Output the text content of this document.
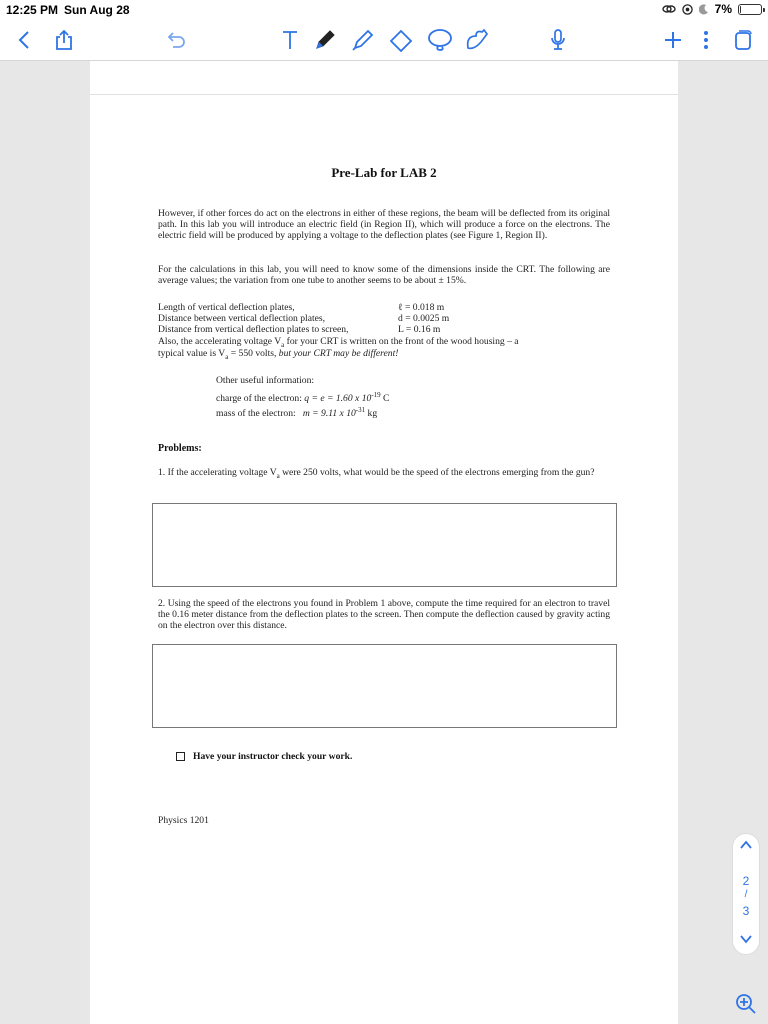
12:25 PM Sun Aug 28	7%
Pre-Lab for LAB 2
However, if other forces do act on the electrons in either of these regions, the beam will be deflected from its original path. In this lab you will introduce an electric field (in Region II), which will produce a force on the electrons. The electric field will be produced by applying a voltage to the deflection plates (see Figure 1, Region II).
For the calculations in this lab, you will need to know some of the dimensions inside the CRT. The following are average values; the variation from one tube to another seems to be about ± 15%.
Length of vertical deflection plates,	ℓ = 0.018 m
Distance between vertical deflection plates,	d = 0.0025 m
Distance from vertical deflection plates to screen,	L = 0.16 m
Also, the accelerating voltage $V_a$ for your CRT is written on the front of the wood housing – a
typical value is $V_a = 550$ volts, but your CRT may be different!
Other useful information:
charge of the electron: q = e = 1.60 x $10^{-19}$ C
mass of the electron: m = 9.11 x $10^{-31}$ kg
Problems:
1. If the accelerating voltage $V_a$ were 250 volts, what would be the speed of the electrons emerging from the gun?
2. Using the speed of the electrons you found in Problem 1 above, compute the time required for an electron to travel the 0.16 meter distance from the deflection plates to the screen. Then compute the deflection caused by gravity acting on the electron over this distance.
Have your instructor check your work.
Physics 1201
2
/
3
